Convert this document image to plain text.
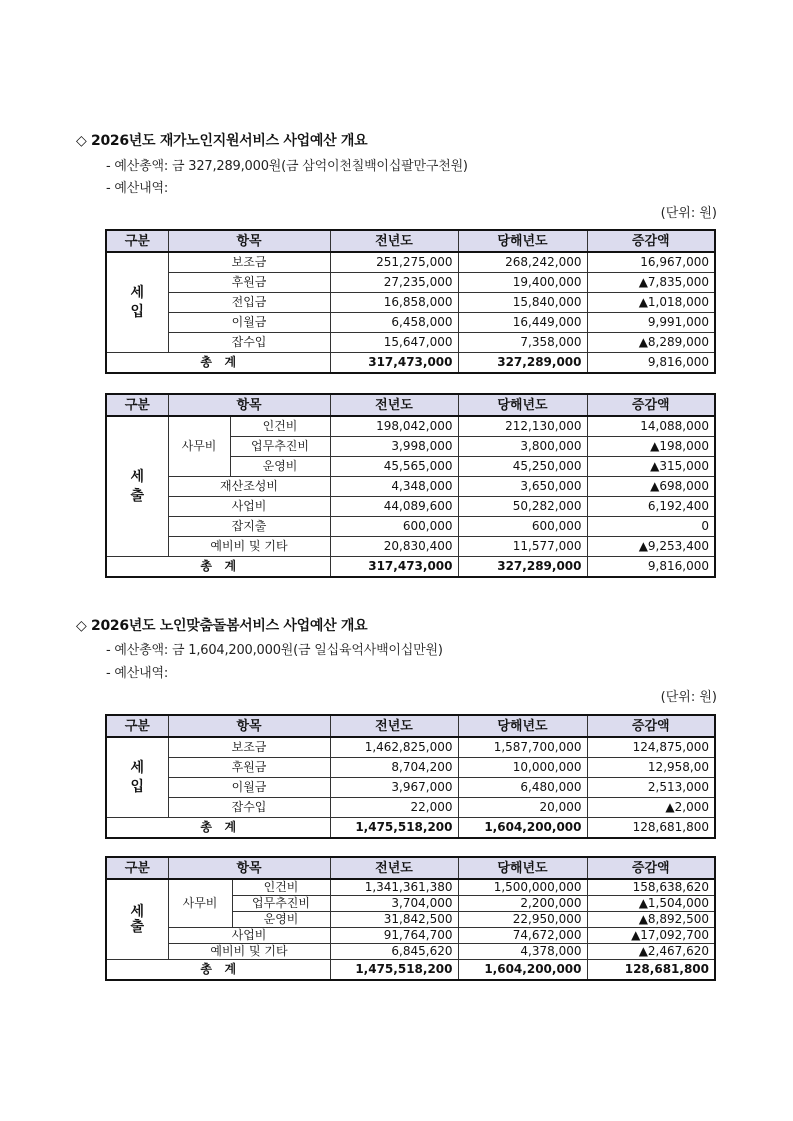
◇ 2026년도 재가노인지원서비스 사업예산 개요
- 예산총액: 금 327,289,000원(금 삼억이천칠백이십팔만구천원)
- 예산내역:
(단위: 원)
구분	항목	전년도	당해년도	증감액
세
입	보조금	251,275,000	268,242,000	16,967,000
	후원금	27,235,000	19,400,000	▲7,835,000
	전입금	16,858,000	15,840,000	▲1,018,000
	이월금	6,458,000	16,449,000	9,991,000
	잡수입	15,647,000	7,358,000	▲8,289,000
총   계		317,473,000	327,289,000	9,816,000
구분	항목		전년도	당해년도	증감액
세
출	사무비	인건비	198,042,000	212,130,000	14,088,000
		업무추진비	3,998,000	3,800,000	▲198,000
		운영비	45,565,000	45,250,000	▲315,000
	재산조성비		4,348,000	3,650,000	▲698,000
	사업비		44,089,600	50,282,000	6,192,400
	잡지출		600,000	600,000	0
	예비비 및 기타		20,830,400	11,577,000	▲9,253,400
총   계			317,473,000	327,289,000	9,816,000
◇ 2026년도 노인맞춤돌봄서비스 사업예산 개요
- 예산총액: 금 1,604,200,000원(금 일십육억사백이십만원)
- 예산내역:
(단위: 원)
구분	항목	전년도	당해년도	증감액
세
입	보조금	1,462,825,000	1,587,700,000	124,875,000
	후원금	8,704,200	10,000,000	12,958,00
	이월금	3,967,000	6,480,000	2,513,000
	잡수입	22,000	20,000	▲2,000
총   계		1,475,518,200	1,604,200,000	128,681,800
구분	항목		전년도	당해년도	증감액
세
출	사무비	인건비	1,341,361,380	1,500,000,000	158,638,620
		업무추진비	3,704,000	2,200,000	▲1,504,000
		운영비	31,842,500	22,950,000	▲8,892,500
	사업비		91,764,700	74,672,000	▲17,092,700
	예비비 및 기타		6,845,620	4,378,000	▲2,467,620
총   계			1,475,518,200	1,604,200,000	128,681,800
